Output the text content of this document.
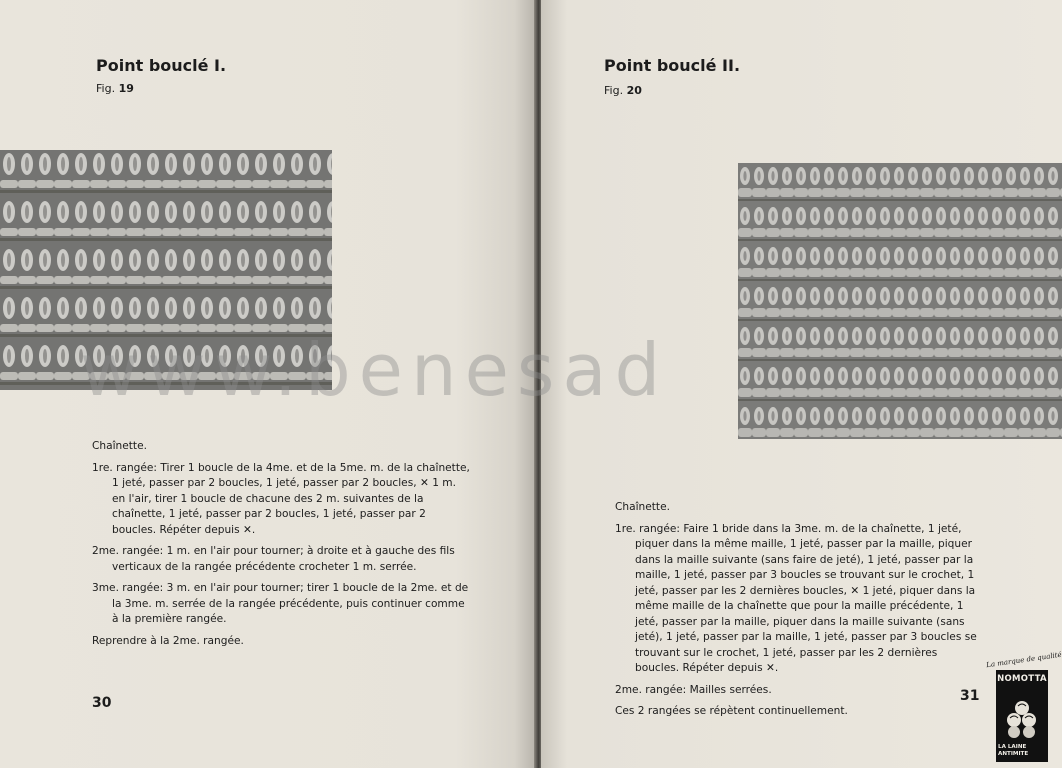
Point bouclé I.
Fig. 19

Chaînette.

1re. rangée: Tirer 1 boucle de la 4me. et de la 5me. m. de la chaînette, 1 jeté, passer par 2 boucles, 1 jeté, passer par 2 boucles, ✕ 1 m. en l'air, tirer 1 boucle de chacune des 2 m. suivantes de la chaînette, 1 jeté, passer par 2 boucles, 1 jeté, passer par 2 boucles. Répéter depuis ✕.

2me. rangée: 1 m. en l'air pour tourner; à droite et à gauche des fils verticaux de la rangée précédente crocheter 1 m. serrée.

3me. rangée: 3 m. en l'air pour tourner; tirer 1 boucle de la 2me. et de la 3me. m. serrée de la rangée précédente, puis continuer comme à la première rangée.

Reprendre à la 2me. rangée.

30
Point bouclé II.
Fig. 20

Chaînette.

1re. rangée: Faire 1 bride dans la 3me. m. de la chaînette, 1 jeté, piquer dans la même maille, 1 jeté, passer par la maille, piquer dans la maille suivante (sans faire de jeté), 1 jeté, passer par la maille, 1 jeté, passer par 3 boucles se trouvant sur le crochet, 1 jeté, passer par les 2 dernières boucles, ✕ 1 jeté, piquer dans la même maille de la chaînette que pour la maille précédente, 1 jeté, passer par la maille, piquer dans la maille suivante (sans jeté), 1 jeté, passer par la maille, 1 jeté, passer par 3 boucles se trouvant sur le crochet, 1 jeté, passer par les 2 dernières boucles. Répéter depuis ✕.

2me. rangée: Mailles serrées.

Ces 2 rangées se répètent continuellement.

31
www.benesad
La marque de qualité
NOMOTTA
LA LAINE ANTIMITE
